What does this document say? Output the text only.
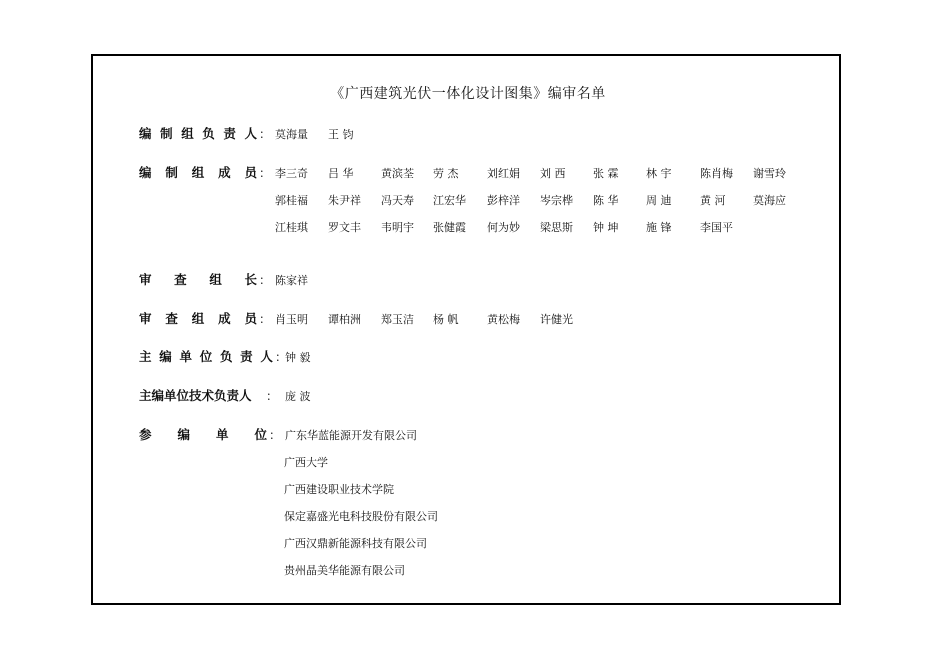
《广西建筑光伏一体化设计图集》编审名单
编 制 组 负 责 人 ： 莫海量 王 钧
编 制 组 成 员 ： 李三奇 吕 华	黄滨荃 劳 杰	刘红娟 刘 西	张 霖	林 宇	陈肖梅 谢雪玲
郭桂福 朱尹祥 冯天寿 江宏华 彭梓洋 岑宗桦 陈 华	周 迪	黄 河	莫海应
江桂琪 罗文丰 韦明宇 张健霞 何为妙 梁思斯 钟 坤	施 锋	李国平
审 查 组 长 ： 陈家祥
审 查 组 成 员 ： 肖玉明 谭柏洲 郑玉洁 杨 帆	黄松梅 许健光
主 编 单 位 负 责 人 ：
钟 毅
主编单位技术负责人 ： 庞 波
参 编 单 位 ： 广东华蓝能源开发有限公司
广西大学
广西建设职业技术学院
保定嘉盛光电科技股份有限公司
广西汉鼎新能源科技有限公司
贵州晶美华能源有限公司
